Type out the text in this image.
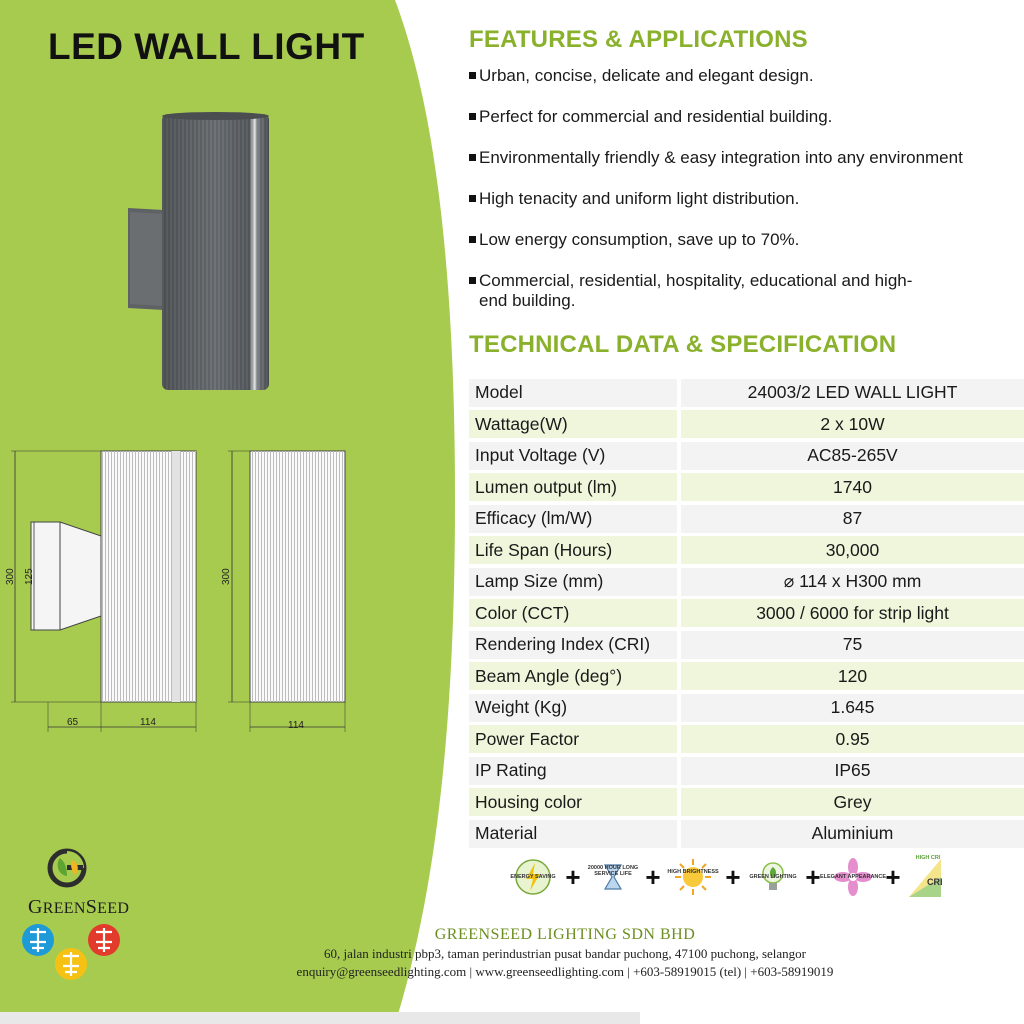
LED WALL LIGHT
300 125
65	114
300
114
FEATURES & APPLICATIONS
Urban, concise, delicate and elegant design.
Perfect for commercial and residential building.
Environmentally friendly & easy integration into any environment
High tenacity and uniform light distribution.
Low energy consumption, save up to 70%.
Commercial, residential, hospitality, educational and high-end building.
TECHNICAL DATA & SPECIFICATION
Model	24003/2 LED WALL LIGHT
Wattage(W)	2 x 10W
Input Voltage (V)	AC85-265V
Lumen output (lm)	1740
Efficacy (lm/W)	87
Life Span (Hours)	30,000
Lamp Size (mm)	⌀ 114 x H300 mm
Color (CCT)	3000 / 6000 for strip light
Rendering Index (CRI)	75
Beam Angle (deg°)	120
Weight (Kg)	1.645
Power Factor	0.95
IP Rating	IP65
Housing color	Grey
Material	Aluminium
ENERGY SAVING +	20000 HOUR LONG SERVICE LIFE +	HIGH BRIGHTNESS +	GREEN LIGHTING + ELEGANT APPEARANCE +	CRI
HIGH CRI
GREENSEED
GREENSEED LIGHTING SDN BHD
60, jalan industri pbp3, taman perindustrian pusat bandar puchong, 47100 puchong, selangor
enquiry@greenseedlighting.com | www.greenseedlighting.com | +603-58919015 (tel) | +603-58919019
